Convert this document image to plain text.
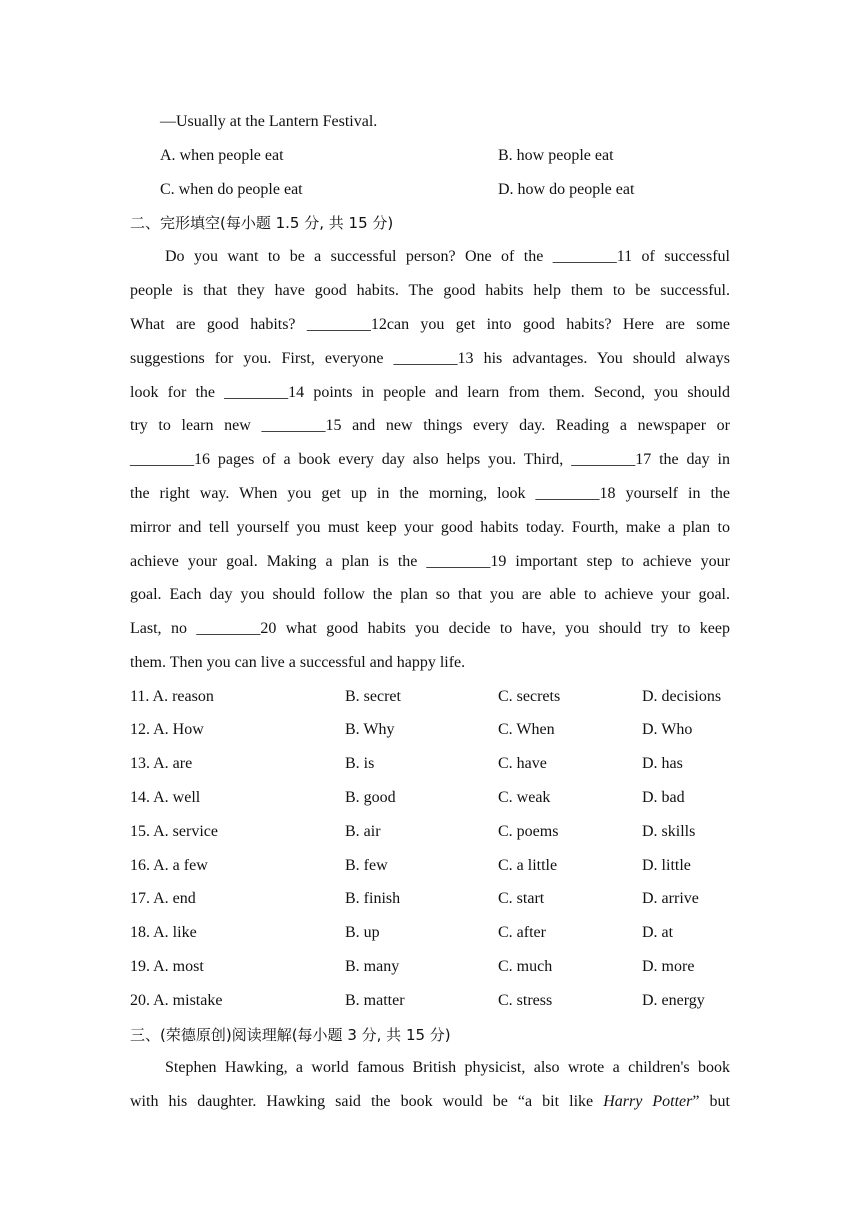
—Usually at the Lantern Festival.
A. when people eat	B. how people eat
C. when do people eat	D. how do people eat
二、完形填空(每小题 1.5 分, 共 15 分)
Do you want to be a successful person? One of the ________11 of successful
people is that they have good habits. The good habits help them to be successful.
What are good habits? ________12can you get into good habits? Here are some
suggestions for you. First, everyone ________13 his advantages. You should always
look for the ________14 points in people and learn from them. Second, you should
try to learn new ________15 and new things every day. Reading a newspaper or
________16 pages of a book every day also helps you. Third, ________17 the day in
the right way. When you get up in the morning, look ________18 yourself in the
mirror and tell yourself you must keep your good habits today. Fourth, make a plan to
achieve your goal. Making a plan is the ________19 important step to achieve your
goal. Each day you should follow the plan so that you are able to achieve your goal.
Last, no ________20 what good habits you decide to have, you should try to keep
them. Then you can live a successful and happy life.
11. A. reason	B. secret	C. secrets	D. decisions
12. A. How	B. Why	C. When	D. Who
13. A. are	B. is	C. have	D. has
14. A. well	B. good	C. weak	D. bad
15. A. service	B. air	C. poems	D. skills
16. A. a few	B. few	C. a little	D. little
17. A. end	B. finish	C. start	D. arrive
18. A. like	B. up	C. after	D. at
19. A. most	B. many	C. much	D. more
20. A. mistake	B. matter	C. stress	D. energy
三、(荣德原创)阅读理解(每小题 3 分, 共 15 分)
Stephen Hawking, a world famous British physicist, also wrote a children's book
with his daughter. Hawking said the book would be “a bit like Harry Potter” but
